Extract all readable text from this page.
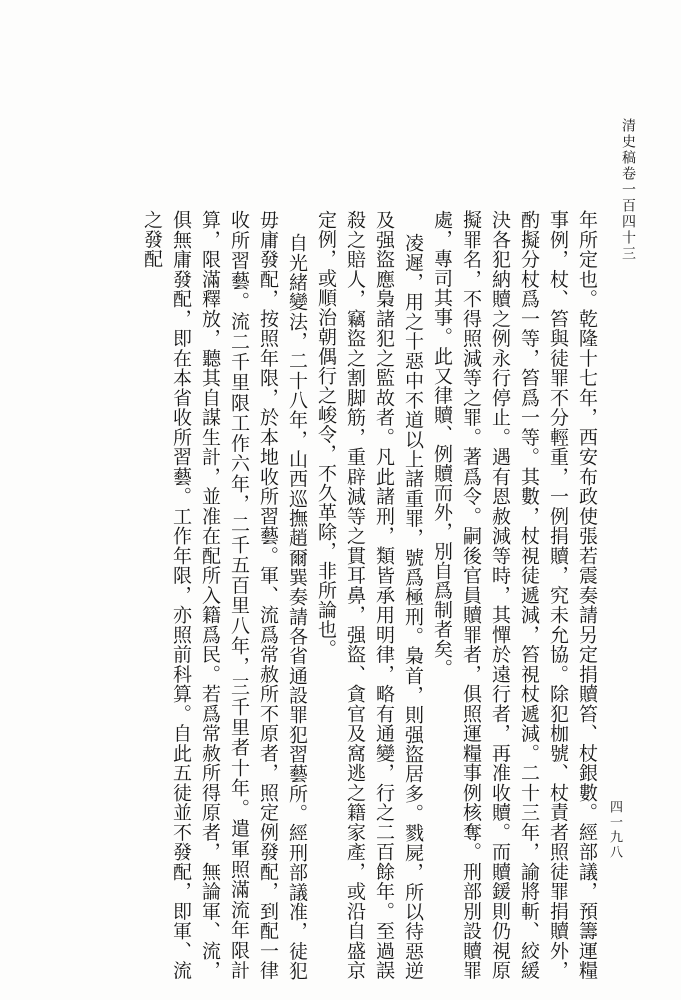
清史稿卷一百四十三
四一九八

年所定也。乾隆十七年，西安布政使張若震奏請另定捐贖笞、杖銀數。經部議，預籌運糧事例，杖、笞與徒罪不分輕重，一例捐贖，究未允協。除犯枷號、杖責者照徒罪捐贖外，酌擬分杖爲一等，笞爲一等。其數，杖視徒遞減，笞視杖遞減。二十三年，諭將斬、絞緩決各犯納贖之例永行停止。遇有恩赦減等時，其憚於遠行者，再准收贖。而贖鍰則仍視原擬罪名，不得照減等之罪。著爲令。嗣後官員贖罪者，俱照運糧事例核奪。刑部別設贖罪處，專司其事。此又律贖、例贖而外，別自爲制者矣。

凌遲，用之十惡中不道以上諸重罪，號爲極刑。梟首，則强盜居多。戮屍，所以待惡逆及强盜應梟諸犯之監故者。凡此諸刑，類皆承用明律，略有通變，行之二百餘年。至過誤殺之賠人，竊盜之割脚筋，重辟減等之貫耳鼻，强盜、貪官及窩逃之籍家產，或沿自盛京定例，或順治朝偶行之峻令，不久革除，非所論也。

自光緒變法，二十八年，山西巡撫趙爾巽奏請各省通設罪犯習藝所。經刑部議准，徒犯毋庸發配，按照年限，於本地收所習藝。軍、流爲常赦所不原者，照定例發配，到配一律收所習藝。流二千里限工作六年，二千五百里八年，三千里者十年。遣軍照滿流年限計算，限滿釋放，聽其自謀生計，並准在配所入籍爲民。若爲常赦所得原者，無論軍、流，俱無庸發配，即在本省收所習藝。工作年限，亦照前科算。自此五徒並不發配，即軍、流之發配
